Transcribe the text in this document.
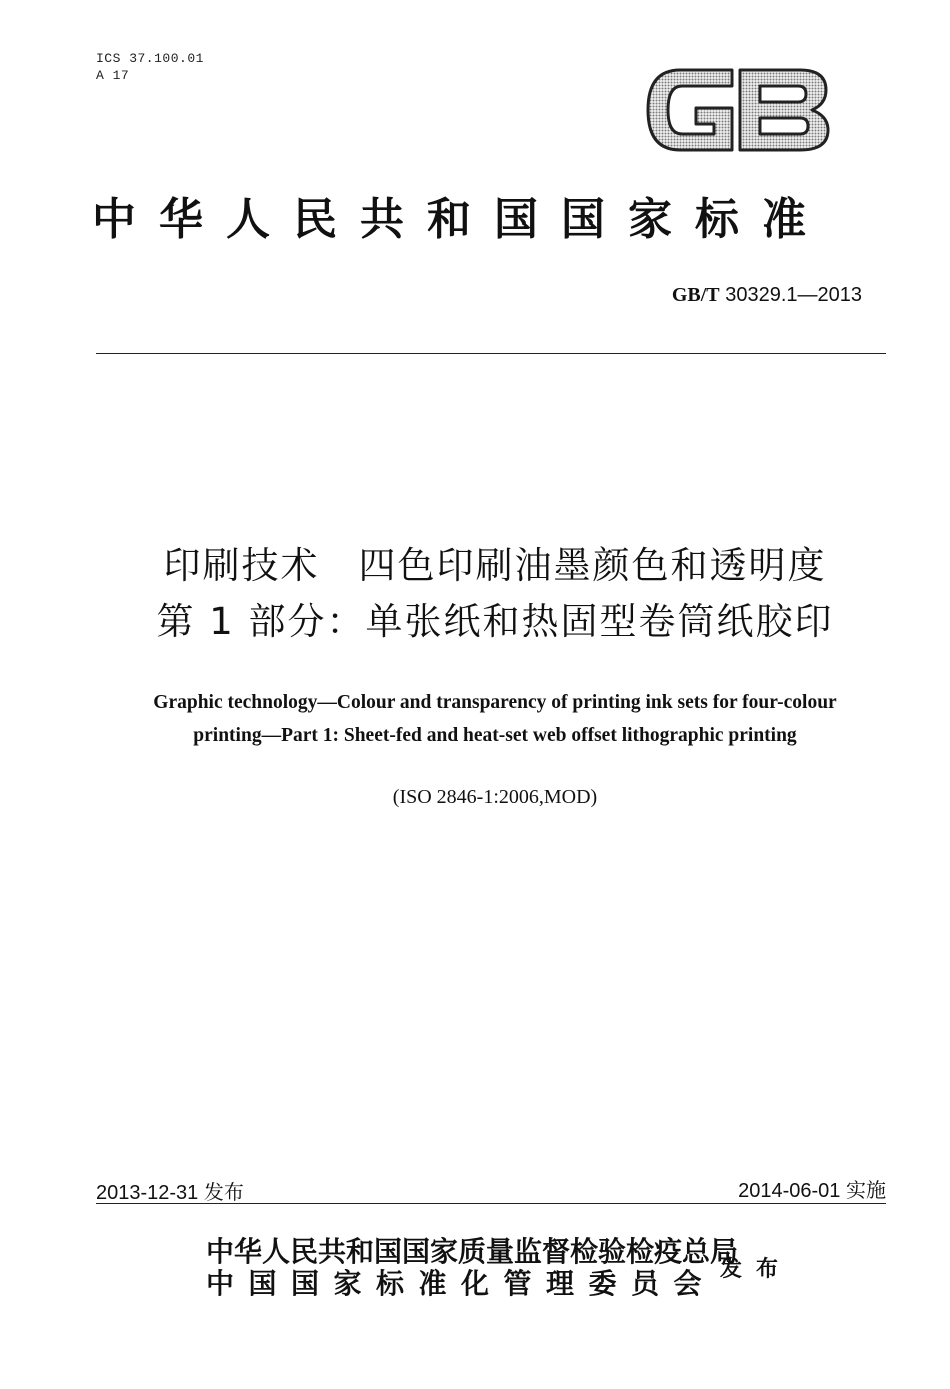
ICS 37.100.01
A 17
中华人民共和国国家标准
GB/T 30329.1—2013
印刷技术　四色印刷油墨颜色和透明度
第 1 部分：单张纸和热固型卷筒纸胶印
Graphic technology—Colour and transparency of printing ink sets for four-colour
printing—Part 1: Sheet-fed and heat-set web offset lithographic printing
(ISO 2846-1:2006,MOD)
2013-12-31 发布	2014-06-01 实施
中华人民共和国国家质量监督检验检疫总局
中国国家标准化管理委员会 发布
